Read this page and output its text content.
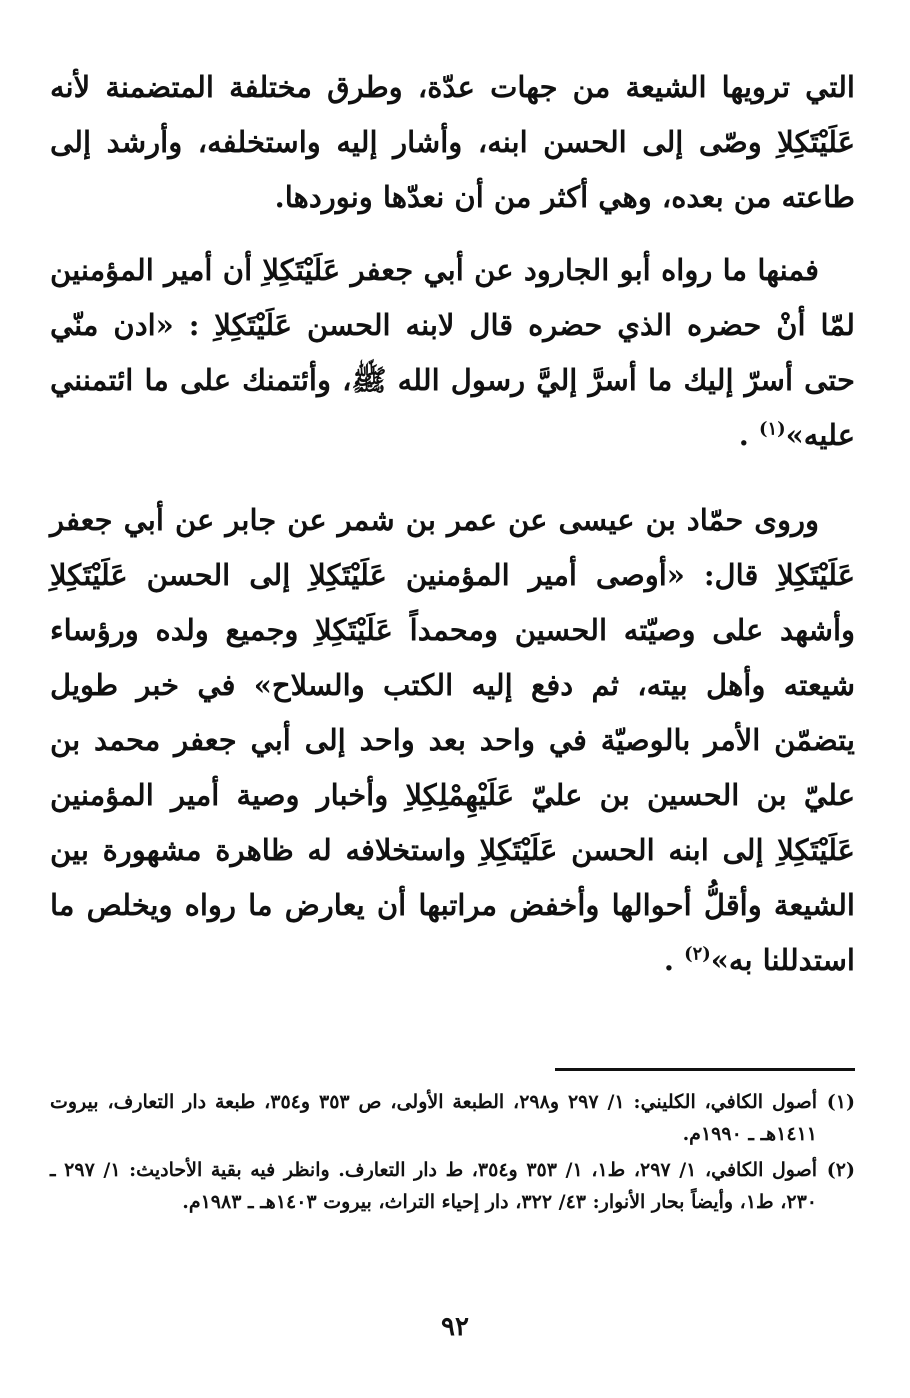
التي ترويها الشيعة من جهات عدّة، وطرق مختلفة المتضمنة لأنه عَلَيْتَكِلاِ وصّى إلى الحسن ابنه، وأشار إليه واستخلفه، وأرشد إلى طاعته من بعده، وهي أكثر من أن نعدّها ونوردها.

فمنها ما رواه أبو الجارود عن أبي جعفر عَلَيْتَكِلاِ أن أمير المؤمنين لمّا أنْ حضره الذي حضره قال لابنه الحسن عَلَيْتَكِلاِ : «ادن منّي حتى أسرّ إليك ما أسرَّ إليَّ رسول الله ﷺ، وأئتمنك على ما ائتمنني عليه»$^{(١)}$ .

وروى حمّاد بن عيسى عن عمر بن شمر عن جابر عن أبي جعفر عَلَيْتَكِلاِ قال: «أوصى أمير المؤمنين عَلَيْتَكِلاِ إلى الحسن عَلَيْتَكِلاِ وأشهد على وصيّته الحسين ومحمداً عَلَيْتَكِلاِ وجميع ولده ورؤساء شيعته وأهل بيته، ثم دفع إليه الكتب والسلاح» في خبر طويل يتضمّن الأمر بالوصيّة في واحد بعد واحد إلى أبي جعفر محمد بن عليّ بن الحسين بن عليّ عَلَيْهِمْلِكِلاِ وأخبار وصية أمير المؤمنين عَلَيْتَكِلاِ إلى ابنه الحسن عَلَيْتَكِلاِ واستخلافه له ظاهرة مشهورة بين الشيعة وأقلُّ أحوالها وأخفض مراتبها أن يعارض ما رواه ويخلص ما استدللنا به»$^{(٢)}$ .

(١)أصول الكافي، الكليني: ١/ ٢٩٧ و٢٩٨، الطبعة الأولى، ص ٣٥٣ و٣٥٤، طبعة دار التعارف، بيروت ١٤١١هـ ـ ١٩٩٠م.
(٢)أصول الكافي، ١/ ٢٩٧، ط١، ١/ ٣٥٣ و٣٥٤، ط دار التعارف. وانظر فيه بقية الأحاديث: ١/ ٢٩٧ ـ ٢٣٠، ط١، وأيضاً بحار الأنوار: ٤٣/ ٣٢٢، دار إحياء التراث، بيروت ١٤٠٣هـ ـ ١٩٨٣م.
٩٢
